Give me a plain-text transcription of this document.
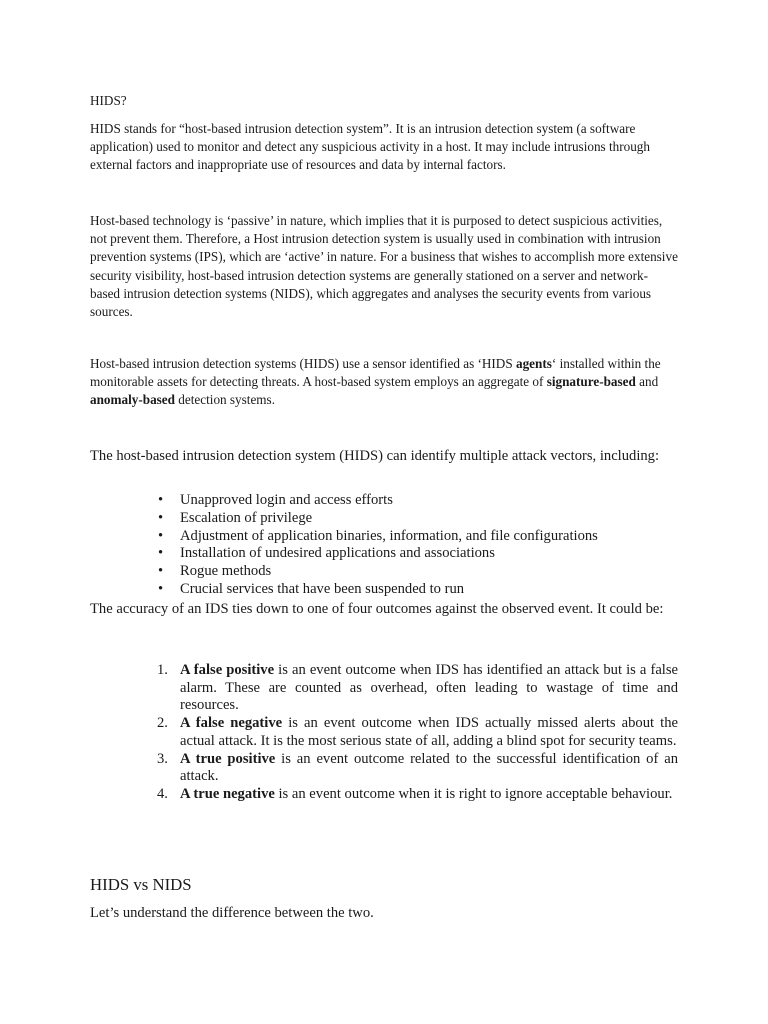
HIDS?

HIDS stands for “host-based intrusion detection system”. It is an intrusion detection system (a software application) used to monitor and detect any suspicious activity in a host. It may include intrusions through external factors and inappropriate use of resources and data by internal factors.

Host-based technology is ‘passive’ in nature, which implies that it is purposed to detect suspicious activities, not prevent them. Therefore, a Host intrusion detection system is usually used in combination with intrusion prevention systems (IPS), which are ‘active’ in nature. For a business that wishes to accomplish more extensive security visibility, host-based intrusion detection systems are generally stationed on a server and network-based intrusion detection systems (NIDS), which aggregates and analyses the security events from various sources.

Host-based intrusion detection systems (HIDS) use a sensor identified as ‘HIDS agents‘ installed within the monitorable assets for detecting threats. A host-based system employs an aggregate of signature-based and anomaly-based detection systems.

The host-based intrusion detection system (HIDS) can identify multiple attack vectors, including:

• Unapproved login and access efforts
• Escalation of privilege
• Adjustment of application binaries, information, and file configurations
• Installation of undesired applications and associations
• Rogue methods
• Crucial services that have been suspended to run

The accuracy of an IDS ties down to one of four outcomes against the observed event. It could be:

1. A false positive is an event outcome when IDS has identified an attack but is a false alarm. These are counted as overhead, often leading to wastage of time and resources.
2. A false negative is an event outcome when IDS actually missed alerts about the actual attack. It is the most serious state of all, adding a blind spot for security teams.
3. A true positive is an event outcome related to the successful identification of an attack.
4. A true negative is an event outcome when it is right to ignore acceptable behaviour.

HIDS vs NIDS

Let’s understand the difference between the two.
